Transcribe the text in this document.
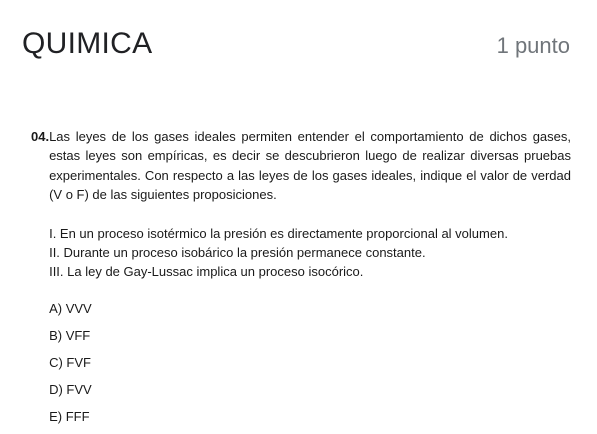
QUIMICA	1 punto
04. Las leyes de los gases ideales permiten entender el comportamiento de dichos gases, estas leyes son empíricas, es decir se descubrieron luego de realizar diversas pruebas experimentales. Con respecto a las leyes de los gases ideales, indique el valor de verdad (V o F) de las siguientes proposiciones.
I. En un proceso isotérmico la presión es directamente proporcional al volumen.
II. Durante un proceso isobárico la presión permanece constante.
III. La ley de Gay-Lussac implica un proceso isocórico.
A) VVV
B) VFF
C) FVF
D) FVV
E) FFF
